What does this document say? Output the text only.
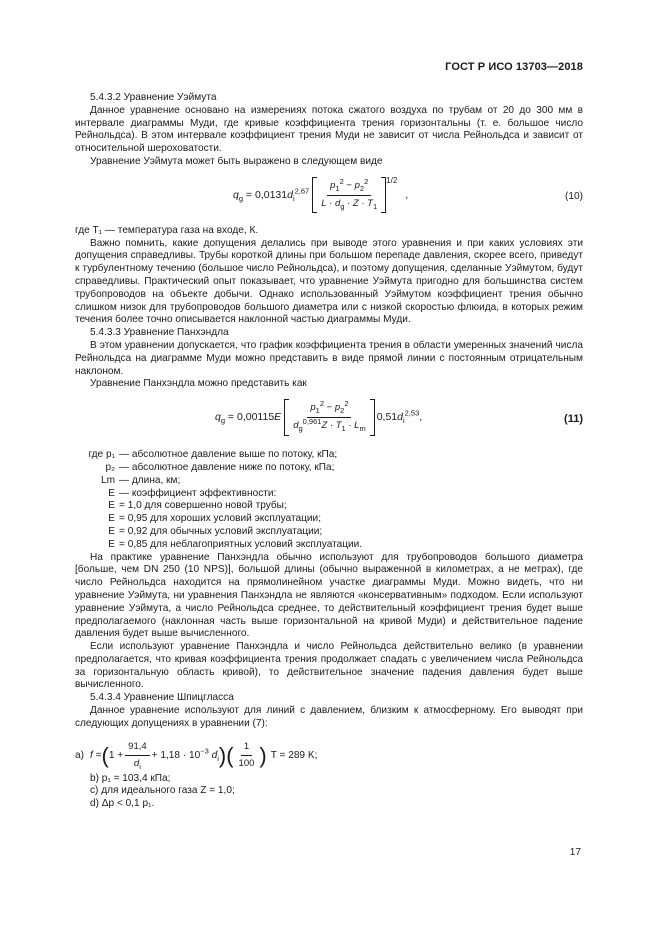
ГОСТ Р ИСО 13703—2018

5.4.3.2 Уравнение Уэймута

Данное уравнение основано на измерениях потока сжатого воздуха по трубам от 20 до 300 мм в интервале диаграммы Муди, где кривые коэффициента трения горизонтальны (т. е. большое число Рейнольдса). В этом интервале коэффициент трения Муди не зависит от числа Рейнольдса и зависит от относительной шероховатости.

Уравнение Уэймута может быть выражено в следующем виде

$q_g = 0,0131d_i^{2,67} \frac{p_1^2 - p_2^2}{L \cdot d_g \cdot Z \cdot T_1} ^{1/2}$
,	(10)

где T₁ — температура газа на входе, К.

Важно помнить, какие допущения делались при выводе этого уравнения и при каких условиях эти допущения справедливы. Трубы короткой длины при большом перепаде давления, скорее всего, приведут к турбулентному течению (большое число Рейнольдса), и поэтому допущения, сделанные Уэймутом, будут справедливы. Практический опыт показывает, что уравнение Уэймута пригодно для большинства систем трубопроводов на объекте добычи. Однако использованный Уэймутом коэффициент трения обычно слишком низок для трубопроводов большого диаметра или с низкой скоростью флюида, в которых режим течения более точно описывается наклонной частью диаграммы Муди.

5.4.3.3 Уравнение Панхэндла

В этом уравнении допускается, что график коэффициента трения в области умеренных значений числа Рейнольдса на диаграмме Муди можно представить в виде прямой линии с постоянным отрицательным наклоном.

Уравнение Панхэндла можно представить как

$q_g = 0,00115E \frac{p_1^2 - p_2^2}{d_g^{0,961}Z \cdot T_1 \cdot L_m} 0,51d_i^{2,53}$,	(11)
где p₁ — абсолютное давление выше по потоку, кПа;
p₂ — абсолютное давление ниже по потоку, кПа;
Lm — длина, км;
E — коэффициент эффективности:
E = 1,0 для совершенно новой трубы;
E = 0,95 для хороших условий эксплуатации;
E = 0,92 для обычных условий эксплуатации;
E = 0,85 для неблагоприятных условий эксплуатации.

На практике уравнение Панхэндла обычно используют для трубопроводов большого диаметра [больше, чем DN 250 (10 NPS)], большой длины (обычно выраженной в километрах, а не метрах), где число Рейнольдса находится на прямолинейном участке диаграммы Муди. Можно видеть, что ни уравнение Уэймута, ни уравнения Панхэндла не являются «консервативным» подходом. Если используют уравнение Уэймута, а число Рейнольдса среднее, то действительный коэффициент трения будет выше предполагаемого (наклонная часть выше горизонтальной на кривой Муди) и действительное падение давления будет выше вычисленного.

Если используют уравнение Панхэндла и число Рейнольдса действительно велико (в уравнении предполагается, что кривая коэффициента трения продолжает спадать с увеличением числа Рейнольдса за горизонтальную область кривой), то действительное значение падения давления будет выше вычисленного.

5.4.3.4 Уравнение Шпицгласса

Данное уравнение используют для линий с давлением, близким к атмосферному. Его выводят при следующих допущениях в уравнении (7):

a) f = ( $1 + \frac{91,4}{d_i} + 1,18 \cdot 10^{-3}$ $d_i$ ) ( $\frac{1}{100}$ ) T = 289 K;

b) p₁ = 103,4 кПа;

c) для идеального газа Z = 1,0;

d) Δp < 0,1 p₁.

17
